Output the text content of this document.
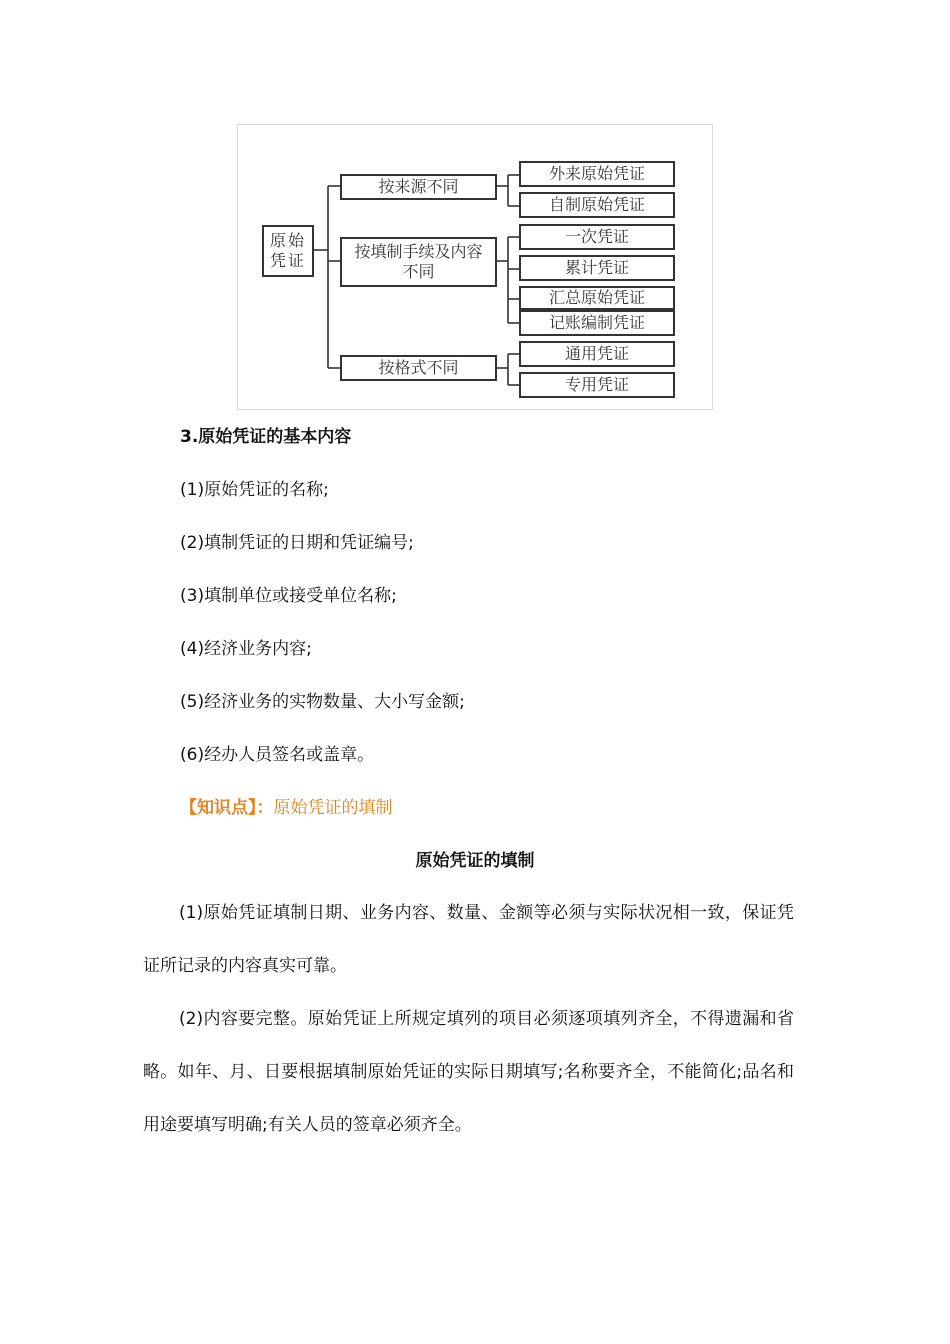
原始
凭证
按来源不同
按填制手续及内容
不同
按格式不同
外来原始凭证
自制原始凭证
一次凭证
累计凭证
汇总原始凭证
记账编制凭证
通用凭证
专用凭证
3.原始凭证的基本内容
(1)原始凭证的名称;
(2)填制凭证的日期和凭证编号;
(3)填制单位或接受单位名称;
(4)经济业务内容;
(5)经济业务的实物数量、大小写金额;
(6)经办人员签名或盖章。
【知识点】：原始凭证的填制
原始凭证的填制
(1)原始凭证填制日期、业务内容、数量、金额等必须与实际状况相一致，保证凭证所记录的内容真实可靠。
(2)内容要完整。原始凭证上所规定填列的项目必须逐项填列齐全，不得遗漏和省略。如年、月、日要根据填制原始凭证的实际日期填写;名称要齐全，不能简化;品名和用途要填写明确;有关人员的签章必须齐全。
